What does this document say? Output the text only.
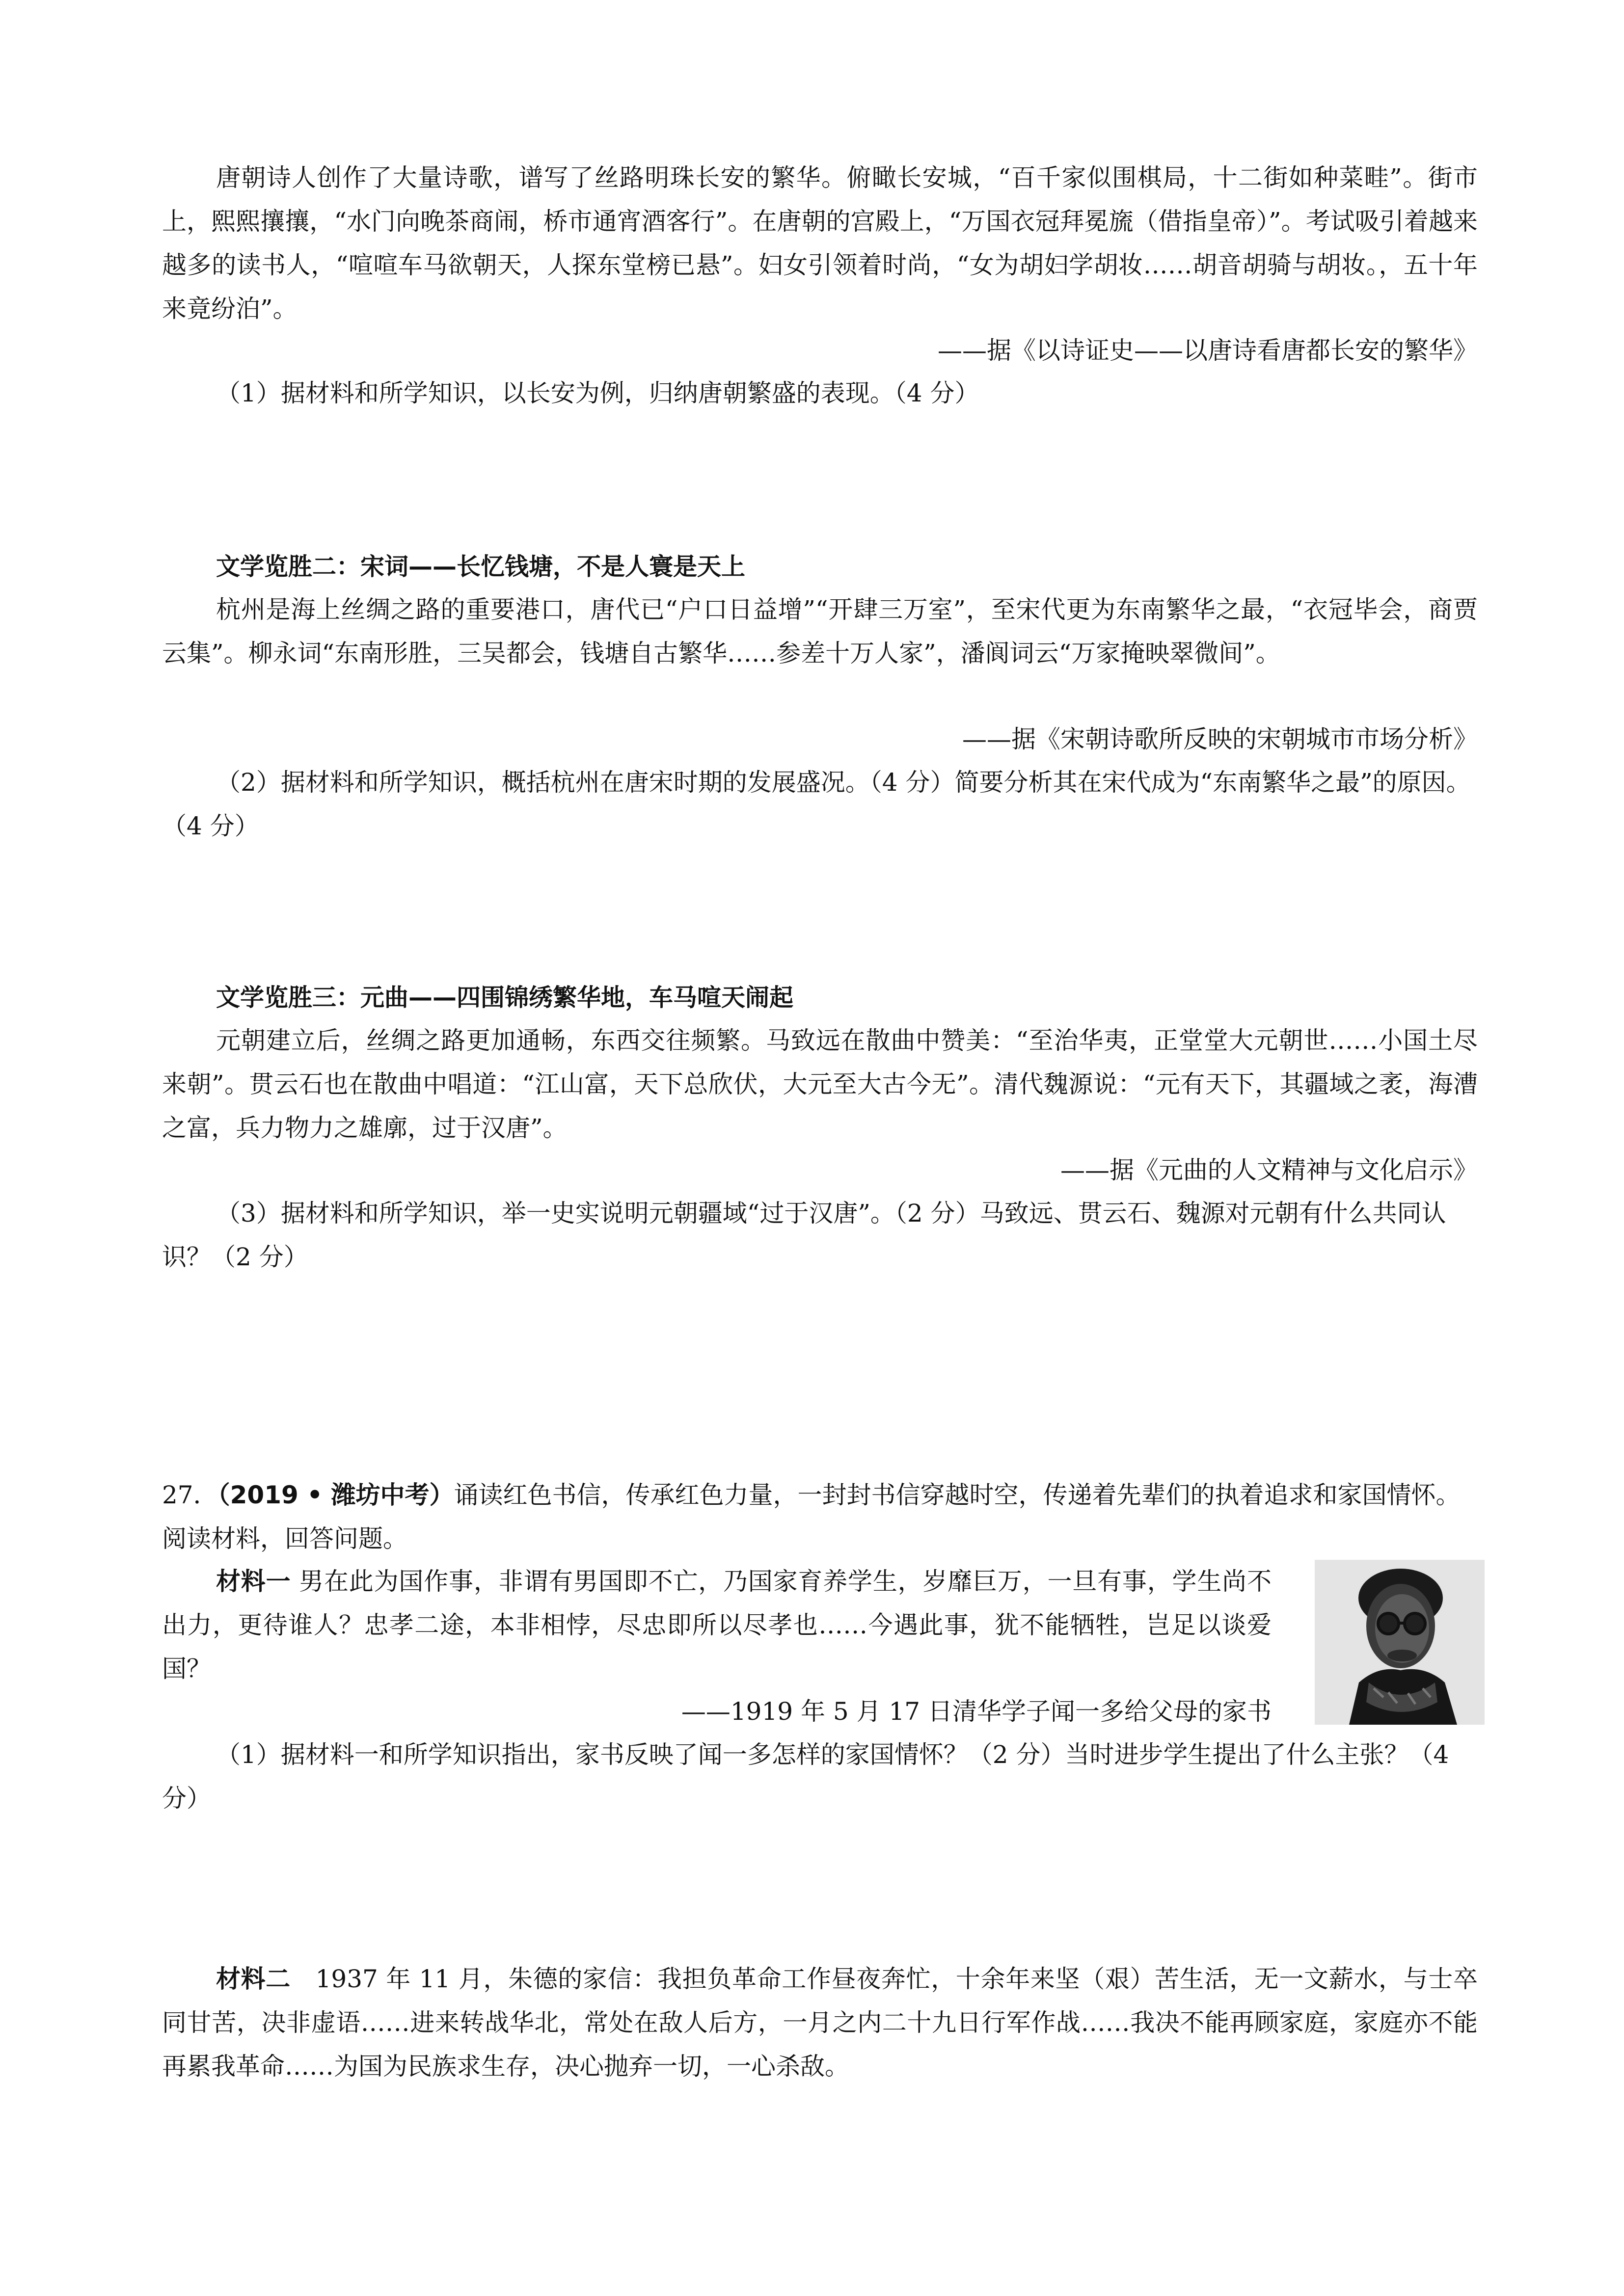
唐朝诗人创作了大量诗歌，谱写了丝路明珠长安的繁华。俯瞰长安城，“百千家似围棋局，十二街如种菜畦”。街市上，熙熙攘攘，“水门向晚茶商闹，桥市通宵酒客行”。在唐朝的宫殿上，“万国衣冠拜冕旒（借指皇帝）”。考试吸引着越来越多的读书人，“喧喧车马欲朝天，人探东堂榜已悬”。妇女引领着时尚，“女为胡妇学胡妆……胡音胡骑与胡妆。，五十年来竟纷泊”。

——据《以诗证史——以唐诗看唐都长安的繁华》

（1）据材料和所学知识，以长安为例，归纳唐朝繁盛的表现。（4 分）

文学览胜二：宋词——长忆钱塘，不是人寰是天上

杭州是海上丝绸之路的重要港口，唐代已“户口日益增”“开肆三万室”，至宋代更为东南繁华之最，“衣冠毕会，商贾云集”。柳永词“东南形胜，三吴都会，钱塘自古繁华……参差十万人家”，潘阆词云“万家掩映翠微间”。

——据《宋朝诗歌所反映的宋朝城市市场分析》

（2）据材料和所学知识，概括杭州在唐宋时期的发展盛况。（4 分）简要分析其在宋代成为“东南繁华之最”的原因。（4 分）

文学览胜三：元曲——四围锦绣繁华地，车马喧天闹起

元朝建立后，丝绸之路更加通畅，东西交往频繁。马致远在散曲中赞美：“至治华夷，正堂堂大元朝世……小国土尽来朝”。贯云石也在散曲中唱道：“江山富，天下总欣伏，大元至大古今无”。清代魏源说：“元有天下，其疆域之袤，海漕之富，兵力物力之雄廓，过于汉唐”。

——据《元曲的人文精神与文化启示》

（3）据材料和所学知识，举一史实说明元朝疆域“过于汉唐”。（2 分）马致远、贯云石、魏源对元朝有什么共同认识？（2 分）

27．（2019 • 潍坊中考）诵读红色书信，传承红色力量，一封封书信穿越时空，传递着先辈们的执着追求和家国情怀。阅读材料，回答问题。

材料一 男在此为国作事，非谓有男国即不亡，乃国家育养学生，岁靡巨万，一旦有事，学生尚不出力，更待谁人？忠孝二途，本非相悖，尽忠即所以尽孝也……今遇此事，犹不能牺牲，岂足以谈爱国？

——1919 年 5 月 17 日清华学子闻一多给父母的家书

（1）据材料一和所学知识指出，家书反映了闻一多怎样的家国情怀？（2 分）当时进步学生提出了什么主张？（4 分）

材料二　1937 年 11 月，朱德的家信：我担负革命工作昼夜奔忙，十余年来坚（艰）苦生活，无一文薪水，与士卒同甘苦，决非虚语……进来转战华北，常处在敌人后方，一月之内二十九日行军作战……我决不能再顾家庭，家庭亦不能再累我革命……为国为民族求生存，决心抛弃一切，一心杀敌。
